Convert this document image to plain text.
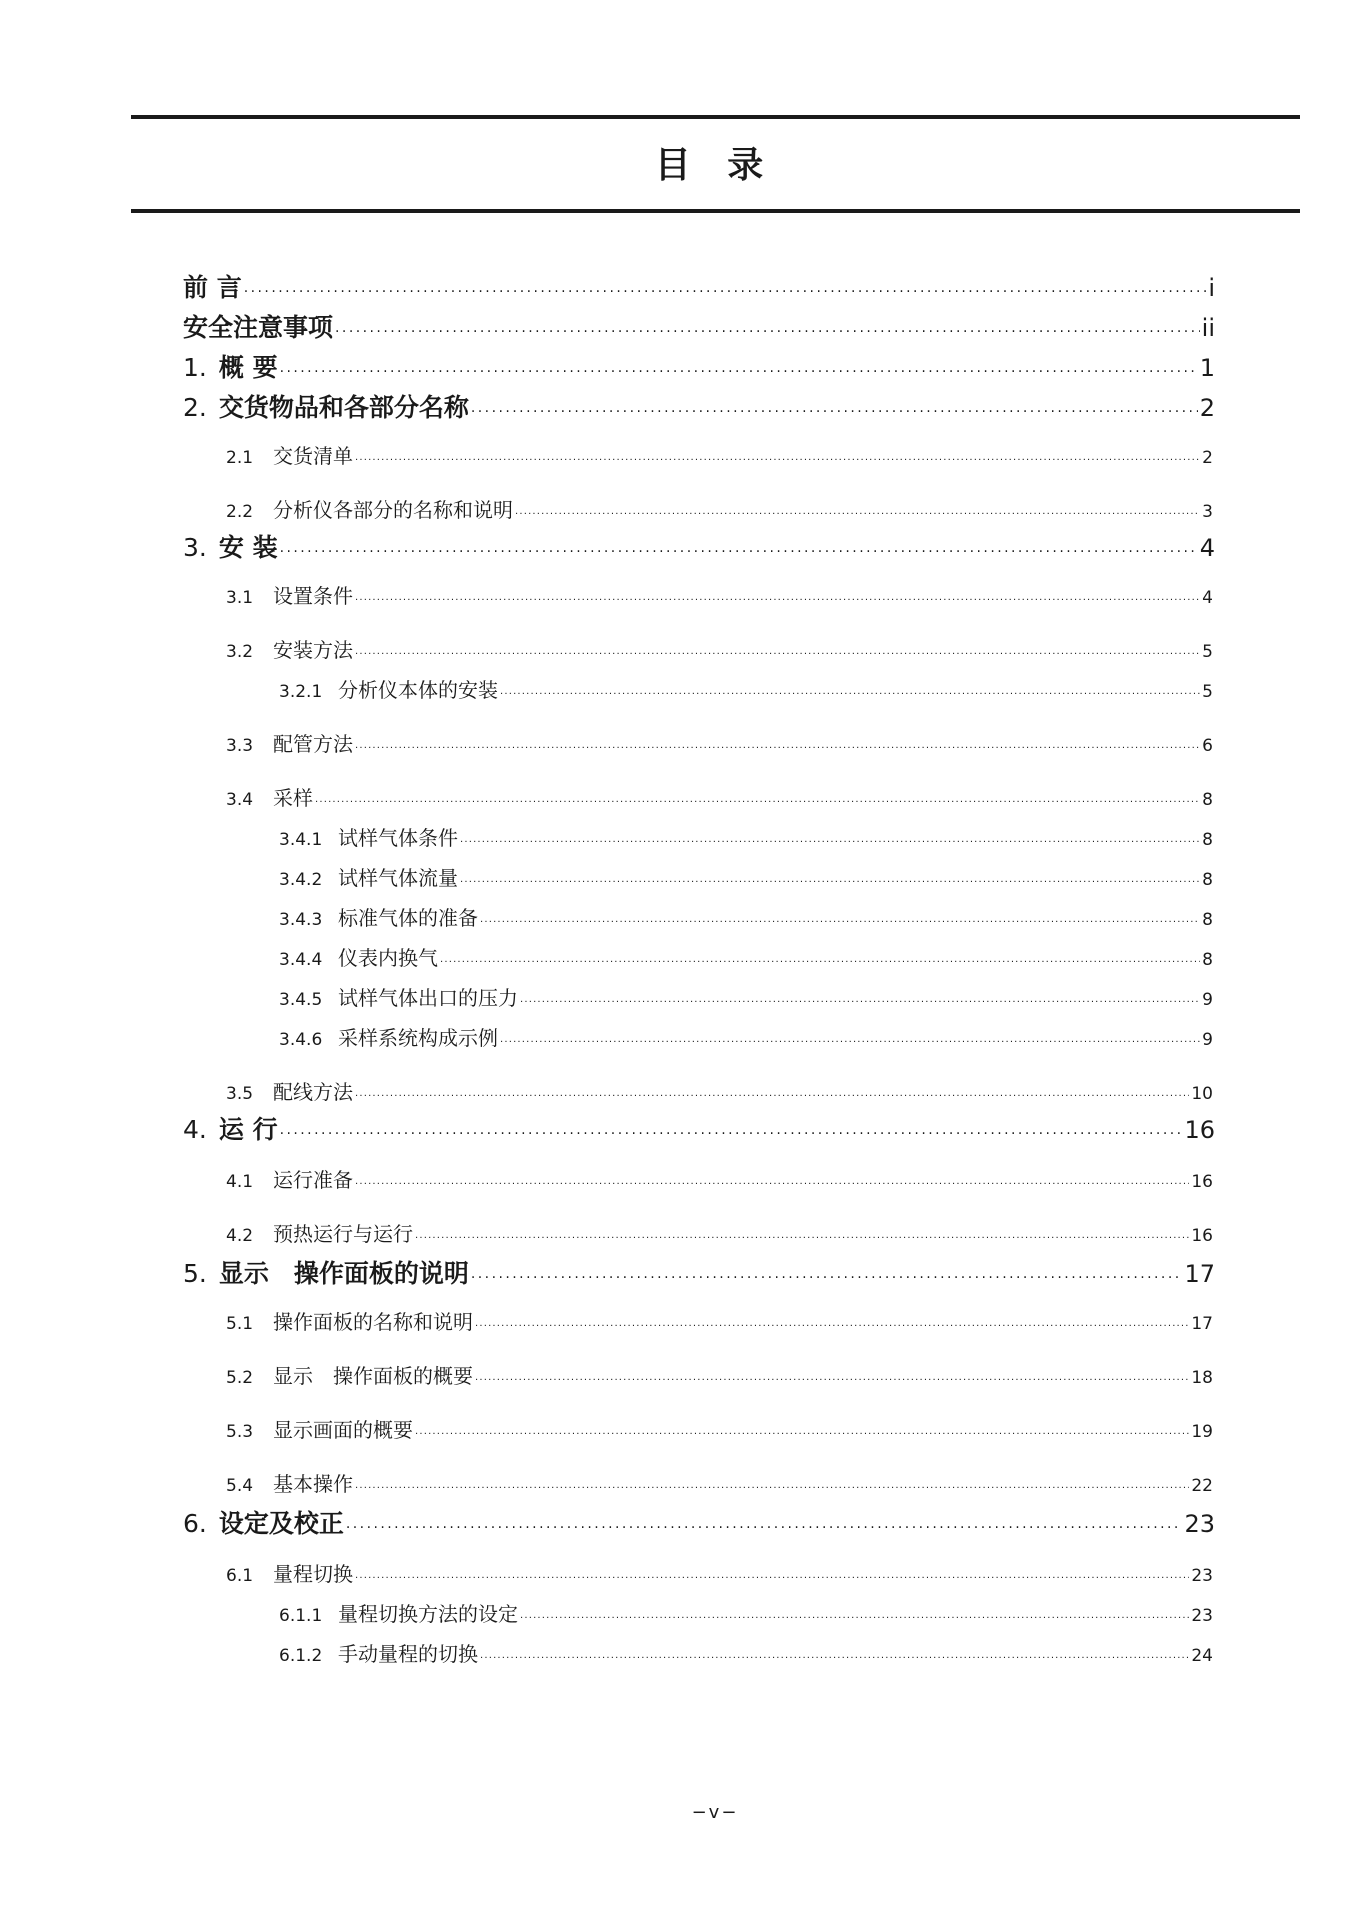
目 录
前 言 . . .	i
安全注意事项 . . .	ii
1. 概 要 . . .	1
2. 交货物品和各部分名称 . . .	2
2.1 交货清单 . . .	2
2.2 分析仪各部分的名称和说明 . . .	3
3. 安 装 . . .	4
3.1 设置条件 . . .	4
3.2 安装方法 . . .	5
3.2.1 分析仪本体的安装 . . .	5
3.3 配管方法 . . .	6
3.4 采样 . . .	8
3.4.1 试样气体条件 . . .	8
3.4.2 试样气体流量 . . .	8
3.4.3 标准气体的准备 . . .	8
3.4.4 仪表内换气 . . .	8
3.4.5 试样气体出口的压力 . . .	9
3.4.6 采样系统构成示例 . . .	9
3.5 配线方法 . . .	10
4. 运 行 . . .	16
4.1 运行准备 . . .	16
4.2 预热运行与运行 . . .	16
5. 显示　操作面板的说明 . . .	17
5.1 操作面板的名称和说明 . . .	17
5.2 显示　操作面板的概要 . . .	18
5.3 显示画面的概要 . . .	19
5.4 基本操作 . . .	22
6. 设定及校正 . . .	23
6.1 量程切换 . . .	23
6.1.1 量程切换方法的设定 . . .	23
6.1.2 手动量程的切换 . . .	24
−v−
